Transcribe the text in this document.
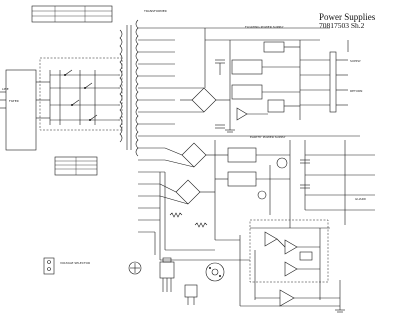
Power Supplies
70817503 Sh.2
FILTER
TRANSFORMER
FLOATING POWER SUPPLY
EARTHY POWER SUPPLY
VOLTAGE SELECTOR
SUPPLY
RETURN
GUARD
LINE
